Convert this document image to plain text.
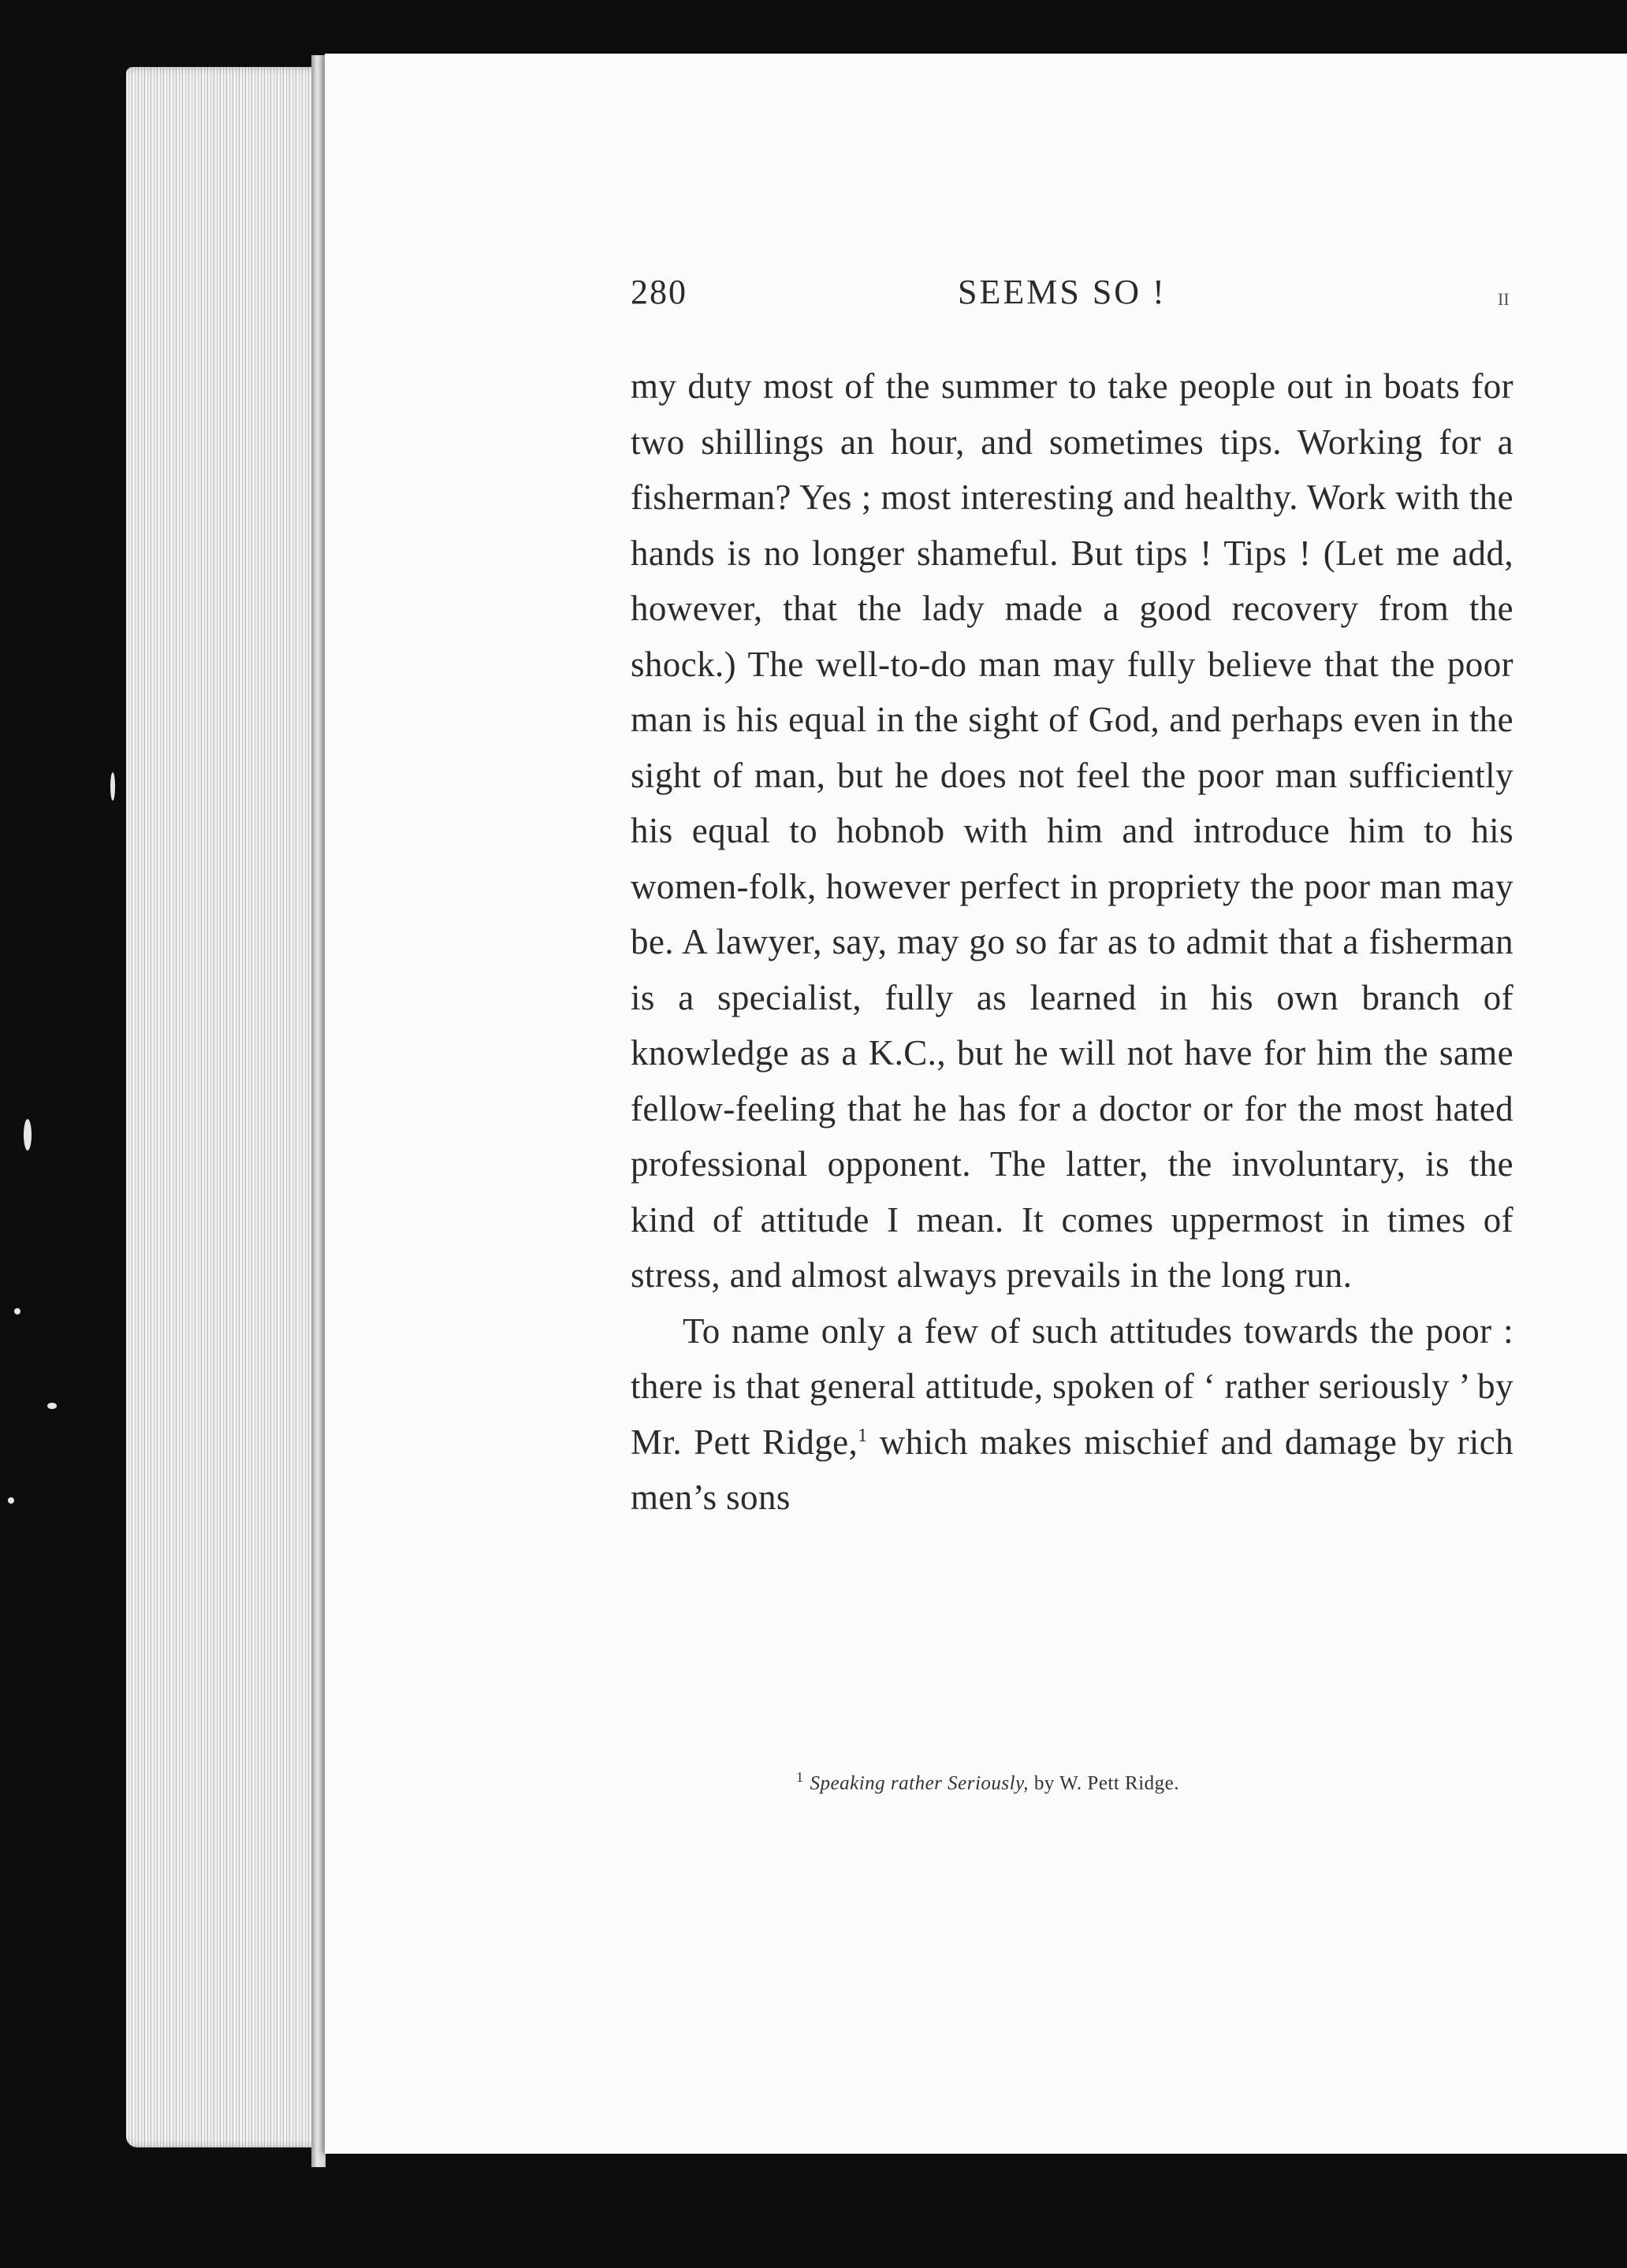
280	SEEMS SO !	II

my duty most of the summer to take people out in boats for two shillings an hour, and sometimes tips. Working for a fisherman? Yes ; most interesting and healthy. Work with the hands is no longer shameful. But tips ! Tips ! (Let me add, however, that the lady made a good recovery from the shock.) The well-to-do man may fully believe that the poor man is his equal in the sight of God, and perhaps even in the sight of man, but he does not feel the poor man sufficiently his equal to hobnob with him and introduce him to his women-folk, however perfect in propriety the poor man may be. A lawyer, say, may go so far as to admit that a fisherman is a specialist, fully as learned in his own branch of knowledge as a K.C., but he will not have for him the same fellow-feeling that he has for a doctor or for the most hated professional opponent. The latter, the involuntary, is the kind of attitude I mean. It comes uppermost in times of stress, and almost always prevails in the long run.

To name only a few of such attitudes towards the poor : there is that general attitude, spoken of ‘ rather seriously ’ by Mr. Pett Ridge,$^1$ which makes mischief and damage by rich men’s sons

$^1$ Speaking rather Seriously, by W. Pett Ridge.
